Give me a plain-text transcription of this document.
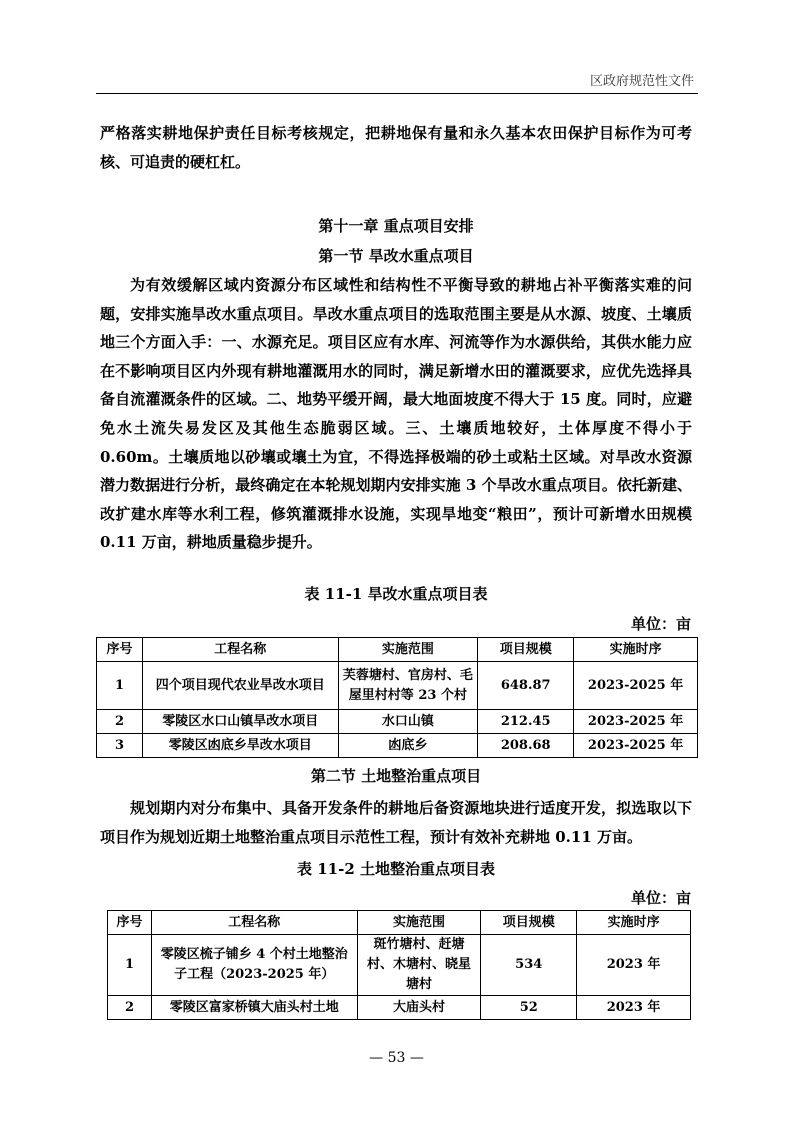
区政府规范性文件
严格落实耕地保护责任目标考核规定，把耕地保有量和永久基本农田保护目标作为可考核、可追责的硬杠杠。
第十一章 重点项目安排
第一节 旱改水重点项目
为有效缓解区域内资源分布区域性和结构性不平衡导致的耕地占补平衡落实难的问题，安排实施旱改水重点项目。旱改水重点项目的选取范围主要是从水源、坡度、土壤质地三个方面入手：一、水源充足。项目区应有水库、河流等作为水源供给，其供水能力应在不影响项目区内外现有耕地灌溉用水的同时，满足新增水田的灌溉要求，应优先选择具备自流灌溉条件的区域。二、地势平缓开阔，最大地面坡度不得大于 15 度。同时，应避免水土流失易发区及其他生态脆弱区域。三、土壤质地较好，土体厚度不得小于 0.60m。土壤质地以砂壤或壤土为宜，不得选择极端的砂土或粘土区域。对旱改水资源潜力数据进行分析，最终确定在本轮规划期内安排实施 3 个旱改水重点项目。依托新建、改扩建水库等水利工程，修筑灌溉排水设施，实现旱地变“粮田”，预计可新增水田规模 0.11 万亩，耕地质量稳步提升。
表 11-1 旱改水重点项目表
单位：亩
序号	工程名称	实施范围	项目规模	实施时序
1	四个项目现代农业旱改水项目	芙蓉塘村、官房村、毛屋里村村等 23 个村	648.87	2023-2025 年
2	零陵区水口山镇旱改水项目	水口山镇	212.45	2023-2025 年
3	零陵区凼底乡旱改水项目	凼底乡	208.68	2023-2025 年
第二节 土地整治重点项目
规划期内对分布集中、具备开发条件的耕地后备资源地块进行适度开发，拟选取以下项目作为规划近期土地整治重点项目示范性工程，预计有效补充耕地 0.11 万亩。
表 11-2 土地整治重点项目表
单位：亩
序号	工程名称	实施范围	项目规模	实施时序
1	零陵区梳子铺乡 4 个村土地整治子工程（2023-2025 年）	斑竹塘村、赶塘村、木塘村、晓星塘村	534	2023 年
2	零陵区富家桥镇大庙头村土地	大庙头村	52	2023 年
— 53 —
